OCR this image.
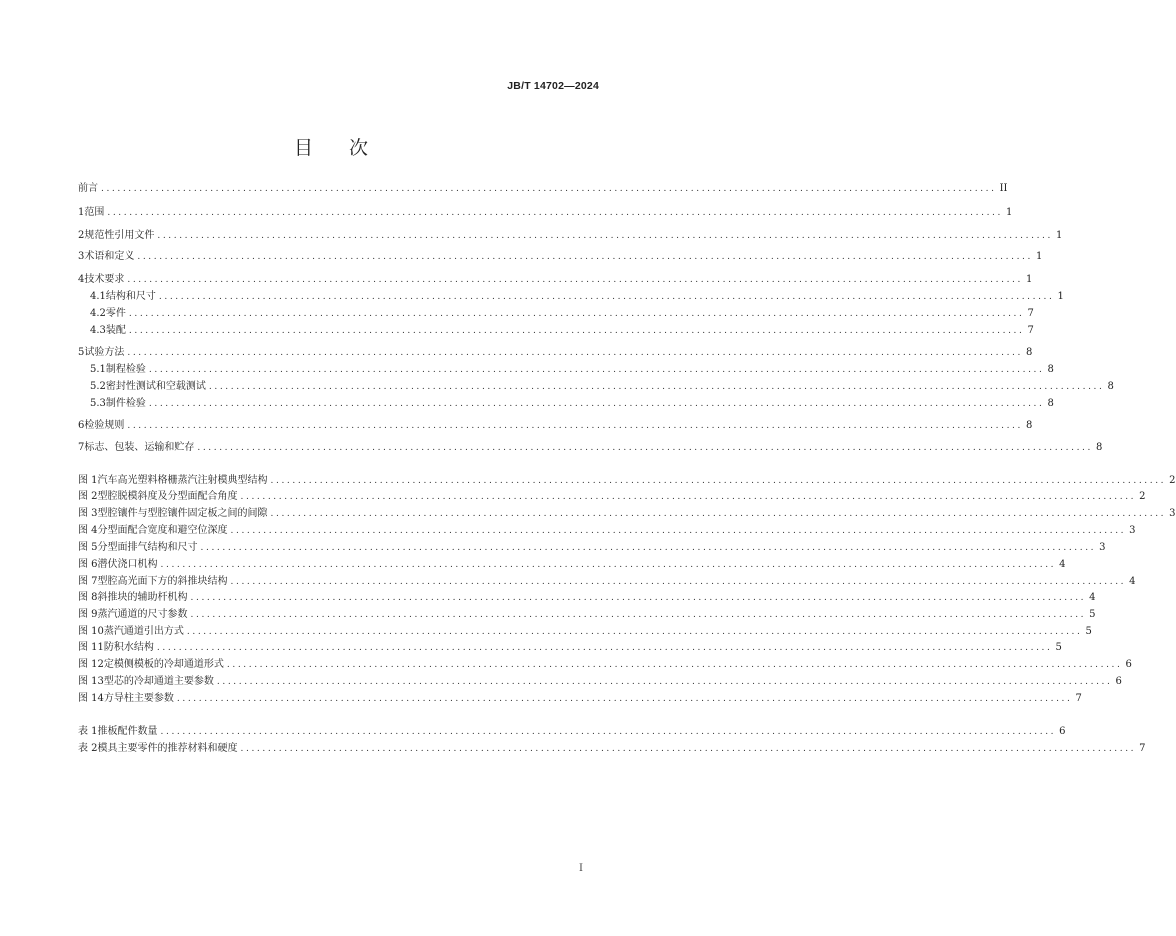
JB/T 14702—2024
目次
前言 .................................................................................................................................................................... II
1 范围 .................................................................................................................................................................... 1
2 规范性引用文件 .................................................................................................................................................................... 1
3 术语和定义 .................................................................................................................................................................... 1
4 技术要求 .................................................................................................................................................................... 1
4.1 结构和尺寸 .................................................................................................................................................................... 1
4.2 零件 .................................................................................................................................................................... 7
4.3 装配 .................................................................................................................................................................... 7
5 试验方法 .................................................................................................................................................................... 8
5.1 制程检验 .................................................................................................................................................................... 8
5.2 密封性测试和空载测试 .................................................................................................................................................................... 8
5.3 制件检验 .................................................................................................................................................................... 8
6 检验规则 .................................................................................................................................................................... 8
7 标志、包装、运输和贮存 .................................................................................................................................................................... 8
图 1 汽车高光塑料格栅蒸汽注射模典型结构 .................................................................................................................................................................... 2
图 2 型腔脱模斜度及分型面配合角度 .................................................................................................................................................................... 2
图 3 型腔镶件与型腔镶件固定板之间的间隙 .................................................................................................................................................................... 3
图 4 分型面配合宽度和避空位深度 .................................................................................................................................................................... 3
图 5 分型面排气结构和尺寸 .................................................................................................................................................................... 3
图 6 潜伏浇口机构 .................................................................................................................................................................... 4
图 7 型腔高光面下方的斜推块结构 .................................................................................................................................................................... 4
图 8 斜推块的辅助杆机构 .................................................................................................................................................................... 4
图 9 蒸汽通道的尺寸参数 .................................................................................................................................................................... 5
图 10 蒸汽通道引出方式 .................................................................................................................................................................... 5
图 11 防积水结构 .................................................................................................................................................................... 5
图 12 定模侧模板的冷却通道形式 .................................................................................................................................................................... 6
图 13 型芯的冷却通道主要参数 .................................................................................................................................................................... 6
图 14 方导柱主要参数 .................................................................................................................................................................... 7
表 1 推板配件数量 .................................................................................................................................................................... 6
表 2 模具主要零件的推荐材料和硬度 .................................................................................................................................................................... 7
I
